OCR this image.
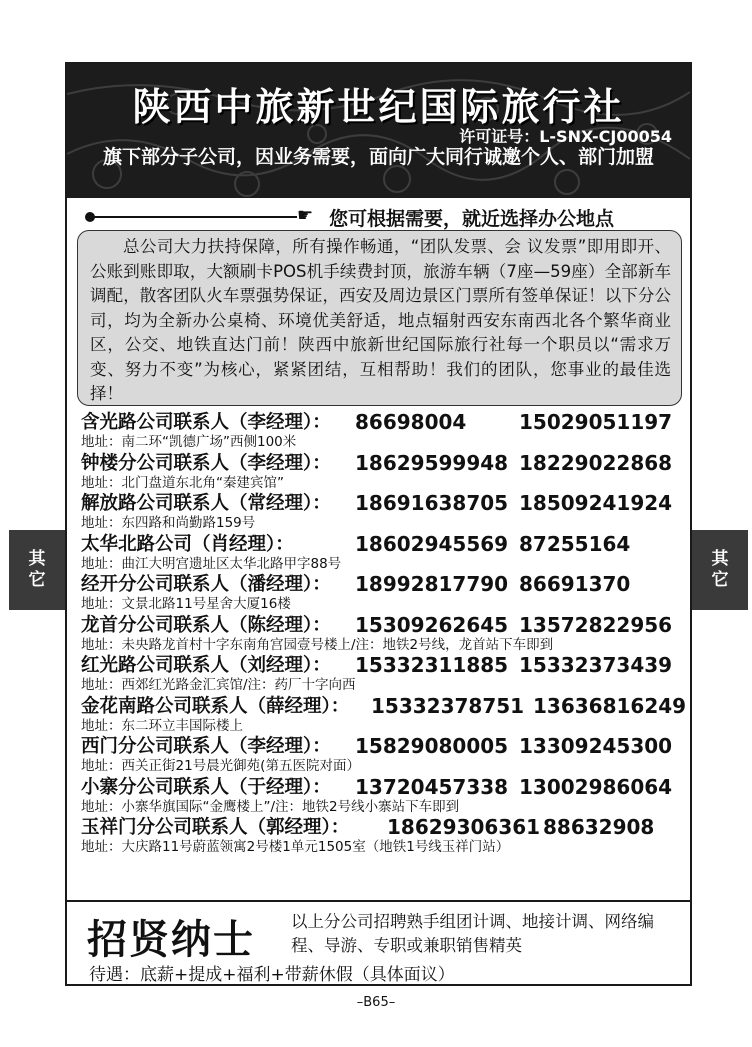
陕西中旅新世纪国际旅行社
许可证号：L-SNX-CJ00054
旗下部分子公司，因业务需要，面向广大同行诚邀个人、部门加盟
☛ 您可根据需要，就近选择办公地点

总公司大力扶持保障，所有操作畅通，“团队发票、会 议发票”即用即开、公账到账即取，大额刷卡POS机手续费封顶，旅游车辆（7座—59座）全部新车调配，散客团队火车票强势保证，西安及周边景区门票所有签单保证！以下分公司，均为全新办公桌椅、环境优美舒适，地点辐射西安东南西北各个繁华商业区，公交、地铁直达门前！陕西中旅新世纪国际旅行社每一个职员以“需求万变、努力不变”为核心，紧紧团结，互相帮助！我们的团队，您事业的最佳选择！

含光路公司联系人（李经理）： 86698004	15029051197
地址：南二环“凯德广场”西侧100米
钟楼分公司联系人（李经理）： 18629599948 18229022868
地址：北门盘道东北角“秦建宾馆”
解放路公司联系人（常经理）： 18691638705 18509241924
地址：东四路和尚勤路159号
太华北路公司（肖经理）：	18602945569 87255164
地址：曲江大明宫遗址区太华北路甲字88号
经开分公司联系人（潘经理）： 18992817790 86691370
地址：文景北路11号星舍大厦16楼
龙首分公司联系人（陈经理）： 15309262645 13572822956
地址：未央路龙首村十字东南角宫园壹号楼上/注：地铁2号线，龙首站下车即到
红光路公司联系人（刘经理）： 15332311885 15332373439
地址：西郊红光路金汇宾馆/注：药厂十字向西
金花南路公司联系人（薛经理）： 15332378751 13636816249
地址：东二环立丰国际楼上
西门分公司联系人（李经理）： 15829080005 13309245300
地址：西关正街21号晨光御苑(第五医院对面）
小寨分公司联系人（于经理）： 13720457338 13002986064
地址：小寨华旗国际“金鹰楼上”/注：地铁2号线小寨站下车即到
玉祥门分公司联系人（郭经理）： 18629306361 88632908
地址：大庆路11号蔚蓝领寓2号楼1单元1505室（地铁1号线玉祥门站）
招贤纳士 以上分公司招聘熟手组团计调、地接计调、网络编程、导游、专职或兼职销售精英
待遇：底薪+提成+福利+带薪休假（具体面议）
其它
其它
–B65–
